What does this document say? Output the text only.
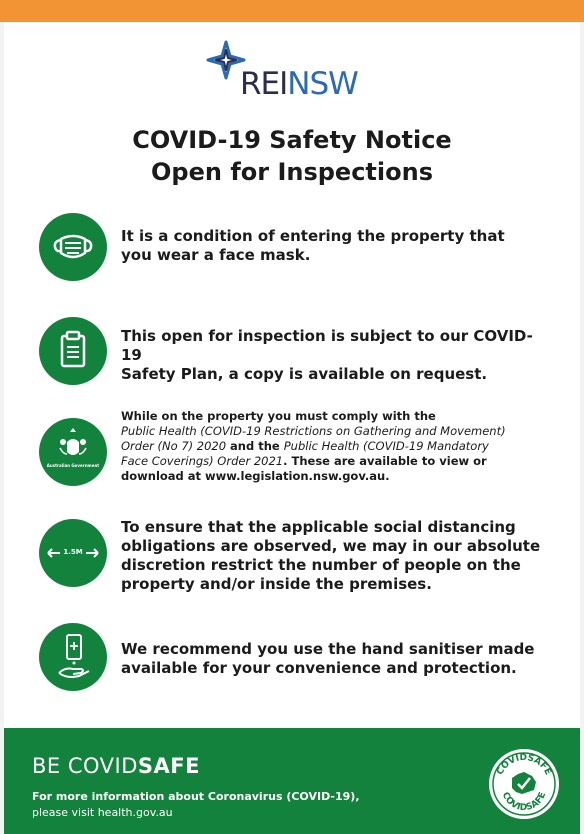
REINSW
COVID-19 Safety Notice
Open for Inspections
It is a condition of entering the property that
you wear a face mask.
This open for inspection is subject to our COVID-19
Safety Plan, a copy is available on request.
Australian Government
While on the property you must comply with the
Public Health (COVID-19 Restrictions on Gathering and Movement)
Order (No 7) 2020 and the Public Health (COVID-19 Mandatory
Face Coverings) Order 2021. These are available to view or
download at www.legislation.nsw.gov.au.
1.5M
To ensure that the applicable social distancing
obligations are observed, we may in our absolute
discretion restrict the number of people on the
property and/or inside the premises.
We recommend you use the hand sanitiser made
available for your convenience and protection.
BE COVIDSAFE
For more information about Coronavirus (COVID-19),
please visit health.gov.au
COVIDSAFE
COVIDSAFE
